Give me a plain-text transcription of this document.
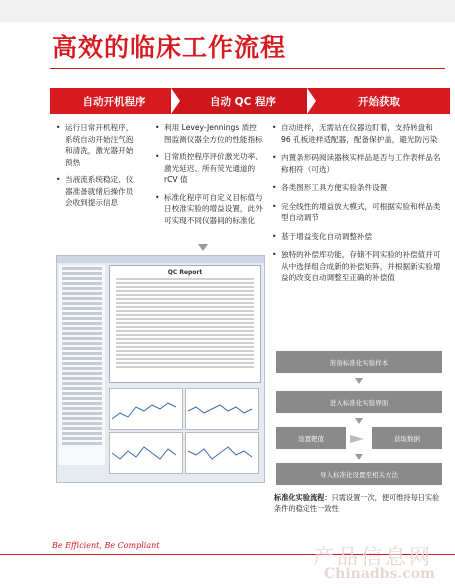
高效的临床工作流程
自动开机程序	自动 QC 程序	开始获取
• 运行日常开机程序，系统自动开始注气泡和清洗，激光器开始预热
• 当液流系统稳定、仪器准备就绪后操作员会收到提示信息
• 利用 Levey-Jennings 质控图监测仪器全方位的性能指标
• 日常质控程序评价激光功率、激光延迟、所有荧光通道的 rCV 值
• 标准化程序可自定义目标值与日校准实验的增益设置，此外可实现不同仪器间的标准化
• 自动进样，无需站在仪器边盯着，支持转盘和 96 孔板进样适配器，配备保护盖，避光防污染
• 内置条形码阅读器核实样品是否与工作表样品名称相符（可选）
• 各类图形工具方便实验条件设置
• 完全线性的增益放大模式，可根据实验和样品类型自动调节
• 基于增益变化自动调整补偿
• 独特的补偿库功能，存储不同实验的补偿值并可从中选择组合成新的补偿矩阵，并根据新实验增益的改变自动调整至正确的补偿值
QC Report
准备标准化实验样本
进入标准化实验界面
设置靶值	获取数据
导入标准化设置至相关方法
标准化实验流程：只需设置一次，便可维持每日实验条件的稳定性一致性
Be Efficient, Be Compliant	产品信息网
Chinadbs.com
